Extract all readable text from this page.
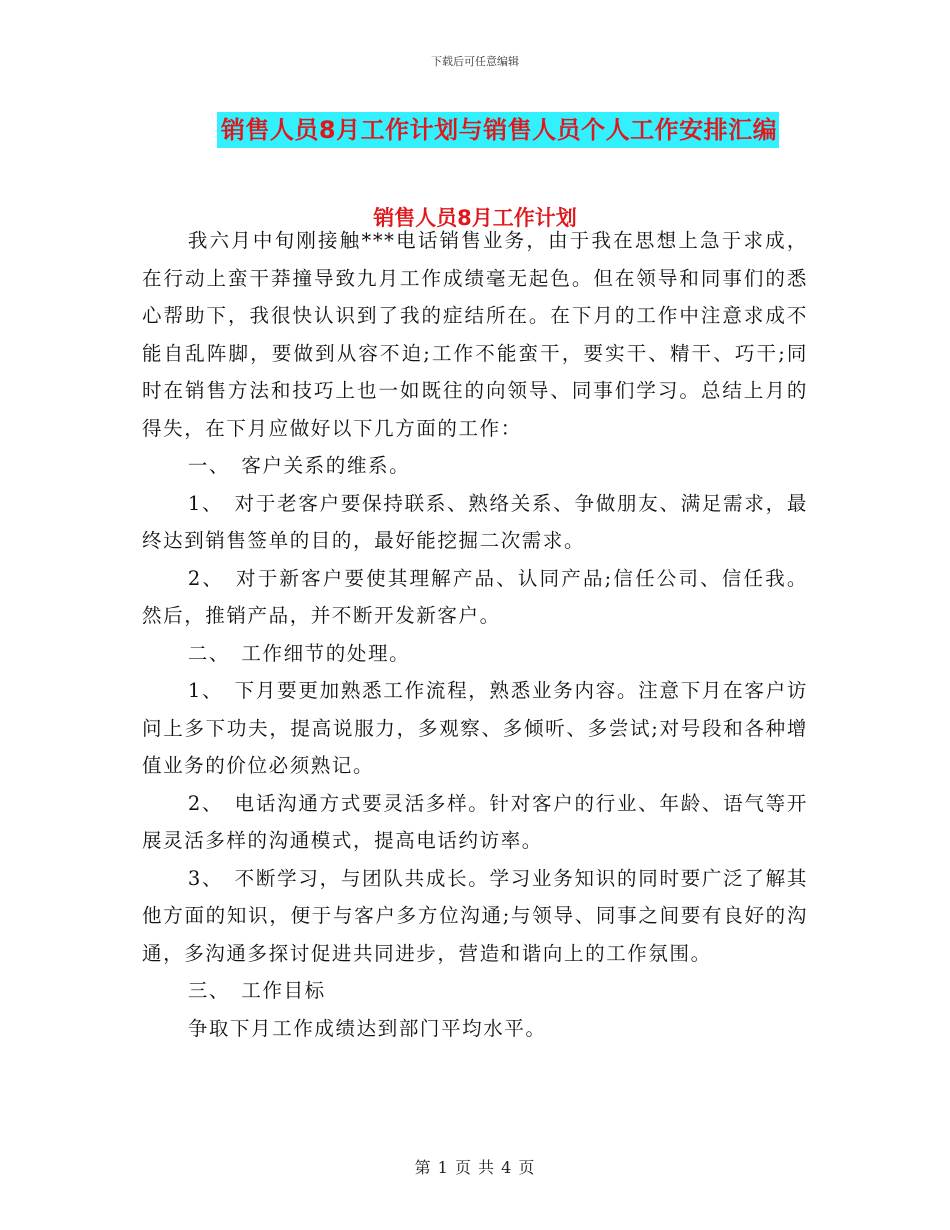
下载后可任意编辑
销售人员8月工作计划与销售人员个人工作安排汇编
销售人员8月工作计划

我六月中旬刚接触***电话销售业务，由于我在思想上急于求成，在行动上蛮干莽撞导致九月工作成绩毫无起色。但在领导和同事们的悉心帮助下，我很快认识到了我的症结所在。在下月的工作中注意求成不能自乱阵脚，要做到从容不迫;工作不能蛮干，要实干、精干、巧干;同时在销售方法和技巧上也一如既往的向领导、同事们学习。总结上月的得失，在下月应做好以下几方面的工作：

一、　客户关系的维系。

1、　对于老客户要保持联系、熟络关系、争做朋友、满足需求，最终达到销售签单的目的，最好能挖掘二次需求。

2、　对于新客户要使其理解产品、认同产品;信任公司、信任我。然后，推销产品，并不断开发新客户。

二、　工作细节的处理。

1、　下月要更加熟悉工作流程，熟悉业务内容。注意下月在客户访问上多下功夫，提高说服力，多观察、多倾听、多尝试;对号段和各种增值业务的价位必须熟记。

2、　电话沟通方式要灵活多样。针对客户的行业、年龄、语气等开展灵活多样的沟通模式，提高电话约访率。

3、　不断学习，与团队共成长。学习业务知识的同时要广泛了解其他方面的知识，便于与客户多方位沟通;与领导、同事之间要有良好的沟通，多沟通多探讨促进共同进步，营造和谐向上的工作氛围。

三、　工作目标

争取下月工作成绩达到部门平均水平。

第 1 页 共 4 页
